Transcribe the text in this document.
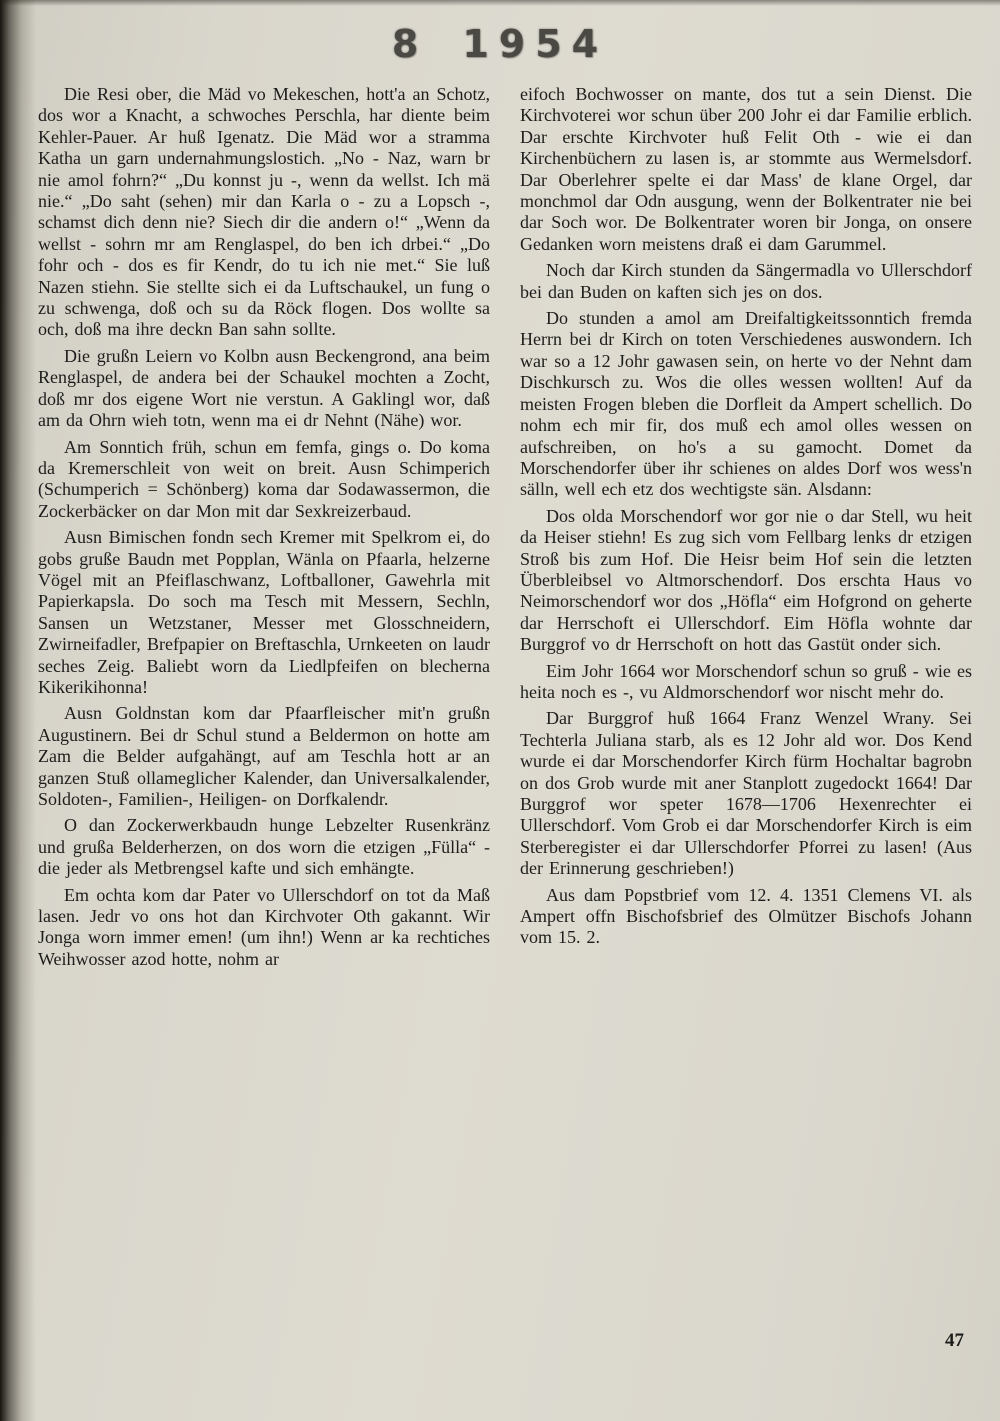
8 1954

Die Resi ober, die Mäd vo Mekeschen, hott'a an Schotz, dos wor a Knacht, a schwoches Perschla, har diente beim Kehler-Pauer. Ar huß Igenatz. Die Mäd wor a stramma Katha un garn undernahmungslostich. „No - Naz, warn br nie amol fohrn?“ „Du konnst ju -, wenn da wellst. Ich mä nie.“ „Do saht (sehen) mir dan Karla o - zu a Lopsch -, schamst dich denn nie? Siech dir die andern o!“ „Wenn da wellst - sohrn mr am Renglaspel, do ben ich drbei.“ „Do fohr och - dos es fir Kendr, do tu ich nie met.“ Sie luß Nazen stiehn. Sie stellte sich ei da Luftschaukel, un fung o zu schwenga, doß och su da Röck flogen. Dos wollte sa och, doß ma ihre deckn Ban sahn sollte.

Die grußn Leiern vo Kolbn ausn Beckengrond, ana beim Renglaspel, de andera bei der Schaukel mochten a Zocht, doß mr dos eigene Wort nie verstun. A Gaklingl wor, daß am da Ohrn wieh totn, wenn ma ei dr Nehnt (Nähe) wor.

Am Sonntich früh, schun em femfa, gings o. Do koma da Kremerschleit von weit on breit. Ausn Schimperich (Schumperich = Schönberg) koma dar Sodawassermon, die Zockerbäcker on dar Mon mit dar Sexkreizerbaud.

Ausn Bimischen fondn sech Kremer mit Spelkrom ei, do gobs gruße Baudn met Popplan, Wänla on Pfaarla, helzerne Vögel mit an Pfeiflaschwanz, Loftballoner, Gawehrla mit Papierkapsla. Do soch ma Tesch mit Messern, Sechln, Sansen un Wetzstaner, Messer met Glosschneidern, Zwirneifadler, Brefpapier on Breftaschla, Urnkeeten on laudr seches Zeig. Baliebt worn da Liedlpfeifen on blecherna Kikerikihonna!

Ausn Goldnstan kom dar Pfaarfleischer mit'n grußn Augustinern. Bei dr Schul stund a Beldermon on hotte am Zam die Belder aufgahängt, auf am Teschla hott ar an ganzen Stuß ollameglicher Kalender, dan Universalkalender, Soldoten-, Familien-, Heiligen- on Dorfkalendr.

O dan Zockerwerkbaudn hunge Lebzelter Rusenkränz und grußa Belderherzen, on dos worn die etzigen „Fülla“ - die jeder als Metbrengsel kafte und sich emhängte.

Em ochta kom dar Pater vo Ullerschdorf on tot da Maß lasen. Jedr vo ons hot dan Kirchvoter Oth gakannt. Wir Jonga worn immer emen! (um ihn!) Wenn ar ka rechtiches Weihwosser azod hotte, nohm ar

eifoch Bochwosser on mante, dos tut a sein Dienst. Die Kirchvoterei wor schun über 200 Johr ei dar Familie erblich. Dar erschte Kirchvoter huß Felit Oth - wie ei dan Kirchenbüchern zu lasen is, ar stommte aus Wermelsdorf. Dar Oberlehrer spelte ei dar Mass' de klane Orgel, dar monchmol dar Odn ausgung, wenn der Bolkentrater nie bei dar Soch wor. De Bolkentrater woren bir Jonga, on onsere Gedanken worn meistens draß ei dam Garummel.

Noch dar Kirch stunden da Sängermadla vo Ullerschdorf bei dan Buden on kaften sich jes on dos.

Do stunden a amol am Dreifaltigkeitssonntich fremda Herrn bei dr Kirch on toten Verschiedenes auswondern. Ich war so a 12 Johr gawasen sein, on herte vo der Nehnt dam Dischkursch zu. Wos die olles wessen wollten! Auf da meisten Frogen bleben die Dorfleit da Ampert schellich. Do nohm ech mir fir, dos muß ech amol olles wessen on aufschreiben, on ho's a su gamocht. Domet da Morschendorfer über ihr schienes on aldes Dorf wos wess'n sälln, well ech etz dos wechtigste sän. Alsdann:

Dos olda Morschendorf wor gor nie o dar Stell, wu heit da Heiser stiehn! Es zug sich vom Fellbarg lenks dr etzigen Stroß bis zum Hof. Die Heisr beim Hof sein die letzten Überbleibsel vo Altmorschendorf. Dos erschta Haus vo Neimorschendorf wor dos „Höfla“ eim Hofgrond on geherte dar Herrschoft ei Ullerschdorf. Eim Höfla wohnte dar Burggrof vo dr Herrschoft on hott das Gastüt onder sich.

Eim Johr 1664 wor Morschendorf schun so gruß - wie es heita noch es -, vu Aldmorschendorf wor nischt mehr do.

Dar Burggrof huß 1664 Franz Wenzel Wrany. Sei Techterla Juliana starb, als es 12 Johr ald wor. Dos Kend wurde ei dar Morschendorfer Kirch fürm Hochaltar bagrobn on dos Grob wurde mit aner Stanplott zugedockt 1664! Dar Burggrof wor speter 1678—1706 Hexenrechter ei Ullerschdorf. Vom Grob ei dar Morschendorfer Kirch is eim Sterberegister ei dar Ullerschdorfer Pforrei zu lasen! (Aus der Erinnerung geschrieben!)

Aus dam Popstbrief vom 12. 4. 1351 Clemens VI. als Ampert offn Bischofsbrief des Olmützer Bischofs Johann vom 15. 2.

47
